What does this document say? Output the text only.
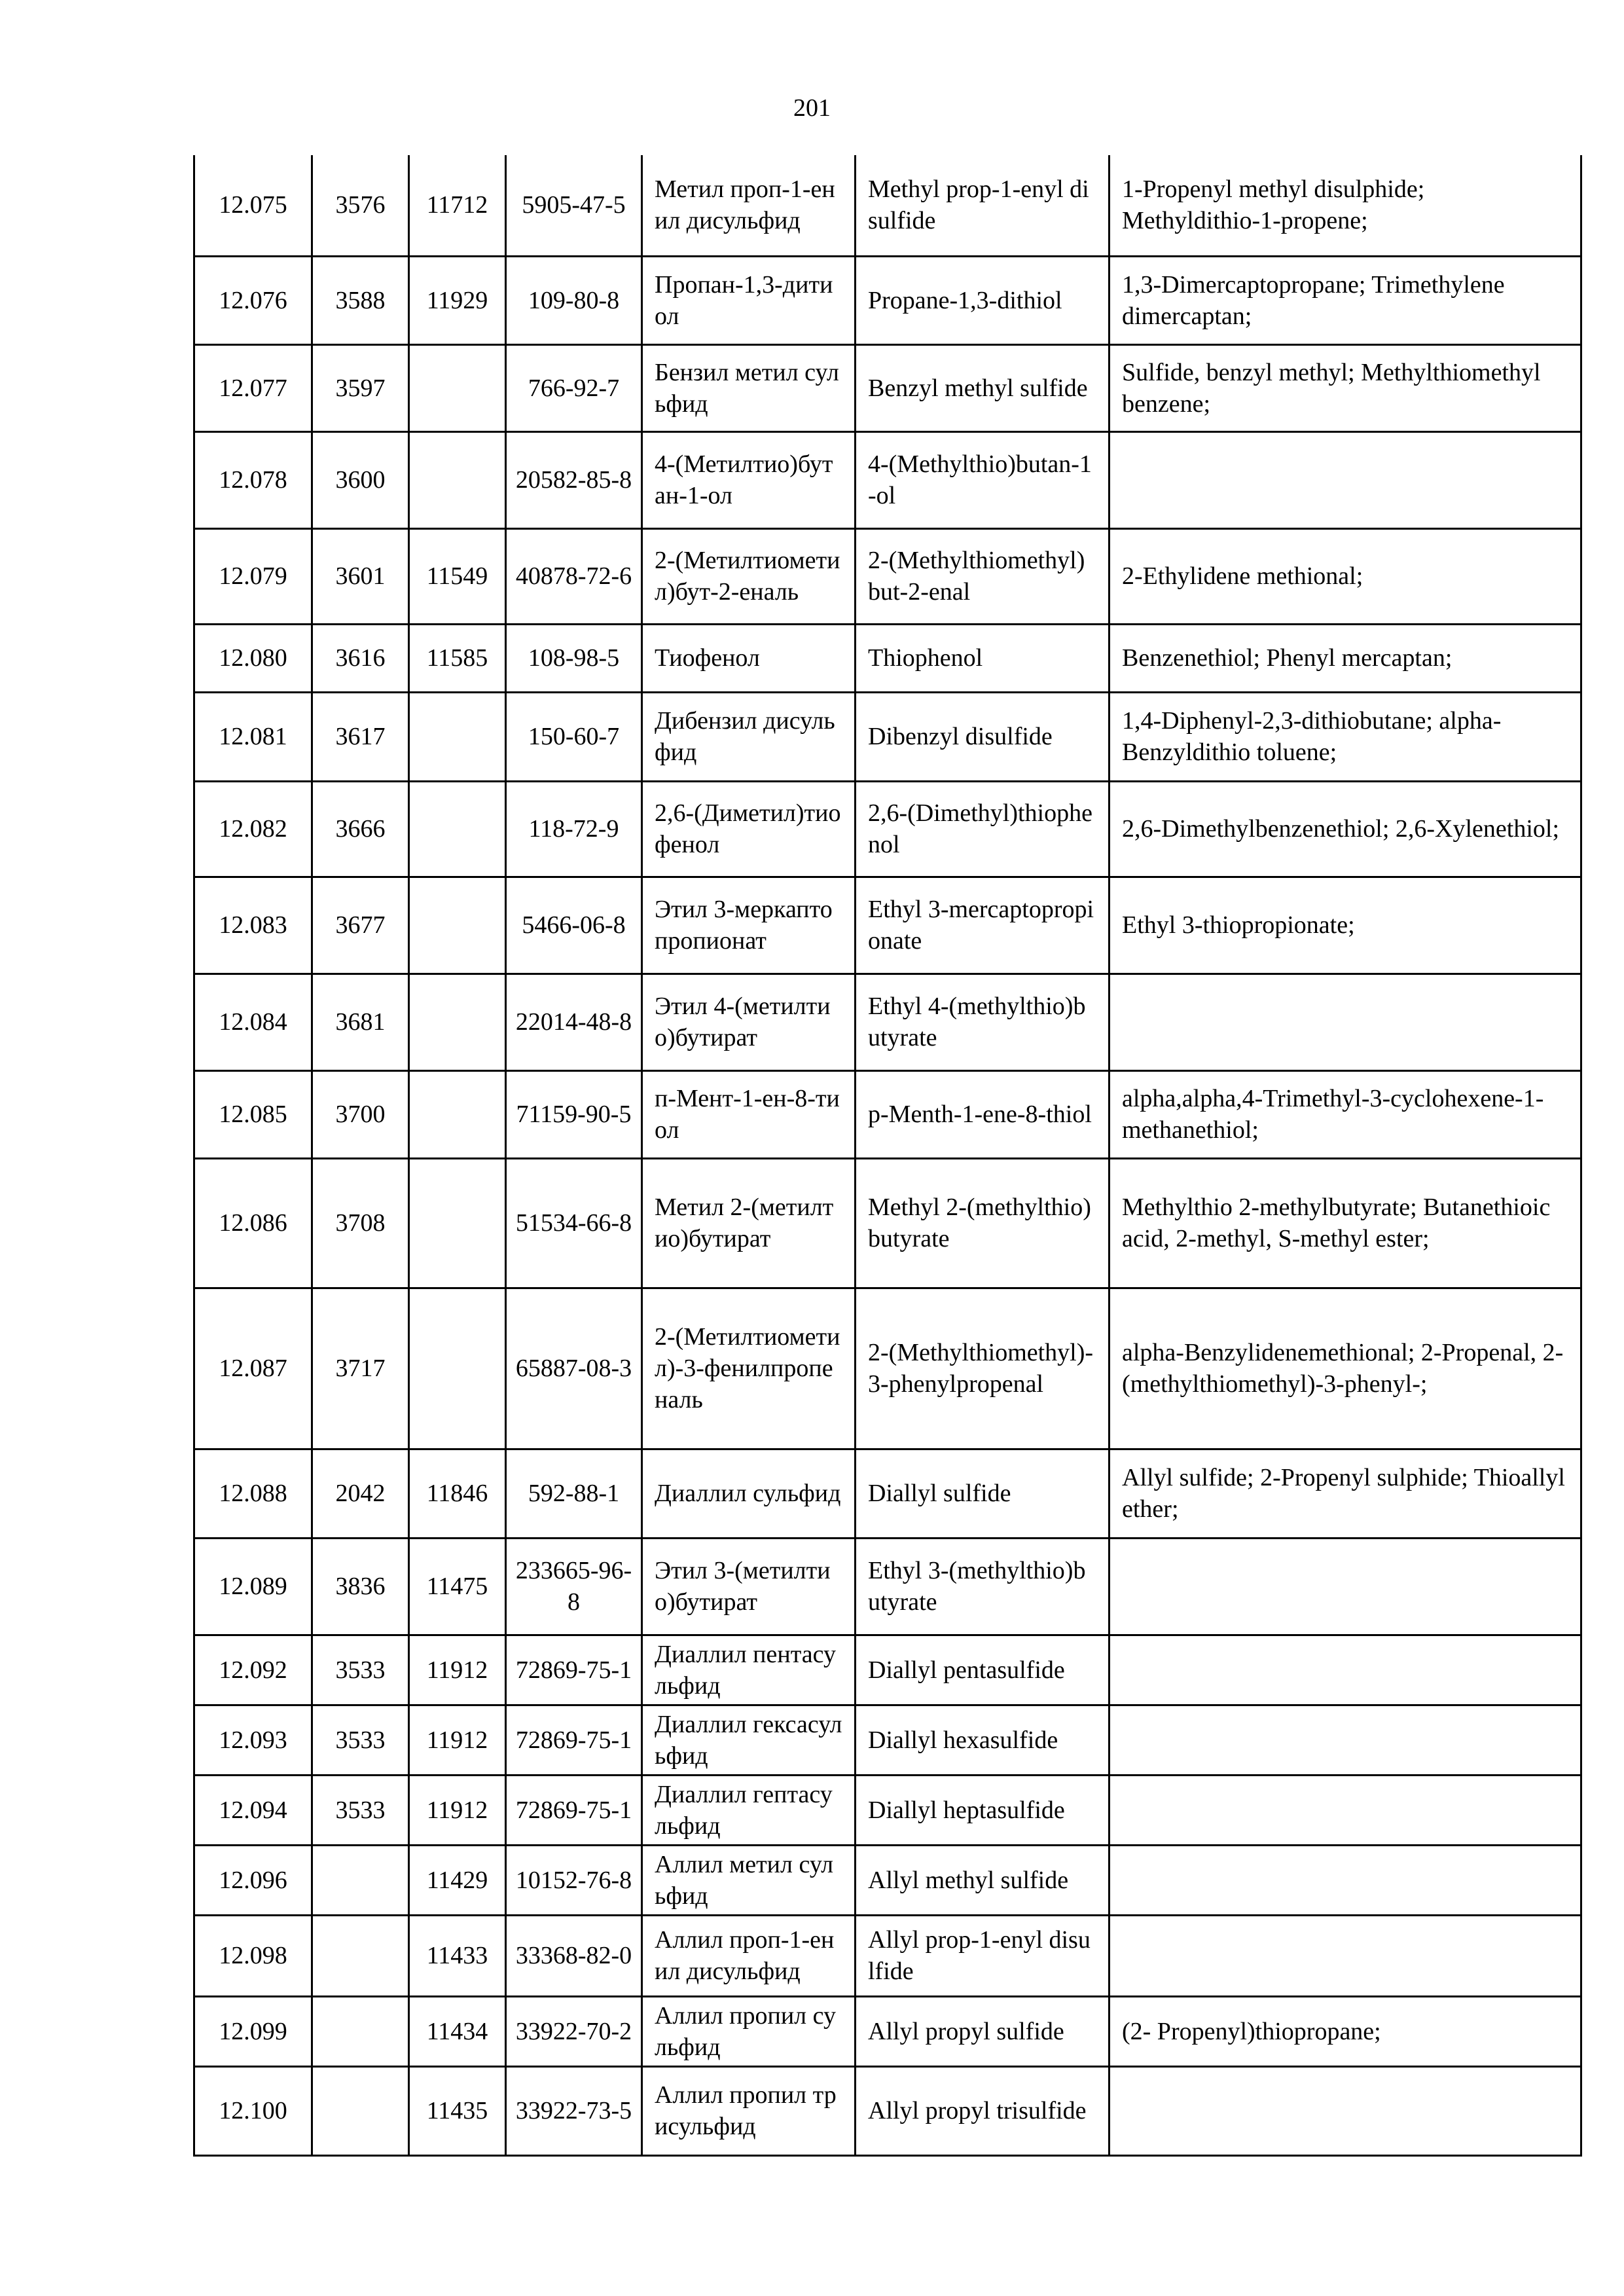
201
12.075	3576	11712	5905-47-5	Метил проп-1-енил дисульфид	Methyl prop-1-enyl disulfide	1-Propenyl methyl disulphide; Methyldithio-1-propene;
12.076	3588	11929	109-80-8	Пропан-1,3-дитиол	Propane-1,3-dithiol	1,3-Dimercaptopropane; Trimethylene dimercaptan;
12.077	3597		766-92-7	Бензил метил сульфид	Benzyl methyl sulfide	Sulfide, benzyl methyl; Methylthiomethyl benzene;
12.078	3600		20582-85-8	4-(Метилтио)бутан-1-ол	4-(Methylthio)butan-1-ol	
12.079	3601	11549	40878-72-6	2-(Метилтиометил)бут-2-еналь	2-(Methylthiomethyl)but-2-enal	2-Ethylidene methional;
12.080	3616	11585	108-98-5	Тиофенол	Thiophenol	Benzenethiol; Phenyl mercaptan;
12.081	3617		150-60-7	Дибензил дисульфид	Dibenzyl disulfide	1,4-Diphenyl-2,3-dithiobutane; alpha-Benzyldithio toluene;
12.082	3666		118-72-9	2,6-(Диметил)тиофенол	2,6-(Dimethyl)thiophenol	2,6-Dimethylbenzenethiol; 2,6-Xylenethiol;
12.083	3677		5466-06-8	Этил 3-меркаптопропионат	Ethyl 3-mercaptopropionate	Ethyl 3-thiopropionate;
12.084	3681		22014-48-8	Этил 4-(метилтио)бутират	Ethyl 4-(methylthio)butyrate	
12.085	3700		71159-90-5	п-Мент-1-ен-8-тиол	p-Menth-1-ene-8-thiol	alpha,alpha,4-Trimethyl-3-cyclohexene-1-methanethiol;
12.086	3708		51534-66-8	Метил 2-(метилтио)бутират	Methyl 2-(methylthio)butyrate	Methylthio 2-methylbutyrate; Butanethioic acid, 2-methyl, S-methyl ester;
12.087	3717		65887-08-3	2-(Метилтиометил)-3-фенилпропеналь	2-(Methylthiomethyl)-3-phenylpropenal	alpha-Benzylidenemethional; 2-Propenal, 2-(methylthiomethyl)-3-phenyl-;
12.088	2042	11846	592-88-1	Диаллил сульфид	Diallyl sulfide	Allyl sulfide; 2-Propenyl sulphide; Thioallyl ether;
12.089	3836	11475	233665-96-8	Этил 3-(метилтио)бутират	Ethyl 3-(methylthio)butyrate	
12.092	3533	11912	72869-75-1	Диаллил пентасульфид	Diallyl pentasulfide	
12.093	3533	11912	72869-75-1	Диаллил гексасульфид	Diallyl hexasulfide	
12.094	3533	11912	72869-75-1	Диаллил гептасульфид	Diallyl heptasulfide	
12.096		11429	10152-76-8	Аллил метил сульфид	Allyl methyl sulfide	
12.098		11433	33368-82-0	Аллил проп-1-енил дисульфид	Allyl prop-1-enyl disulfide	
12.099		11434	33922-70-2	Аллил пропил сульфид	Allyl propyl sulfide	(2- Propenyl)thiopropane;
12.100		11435	33922-73-5	Аллил пропил трисульфид	Allyl propyl trisulfide	
